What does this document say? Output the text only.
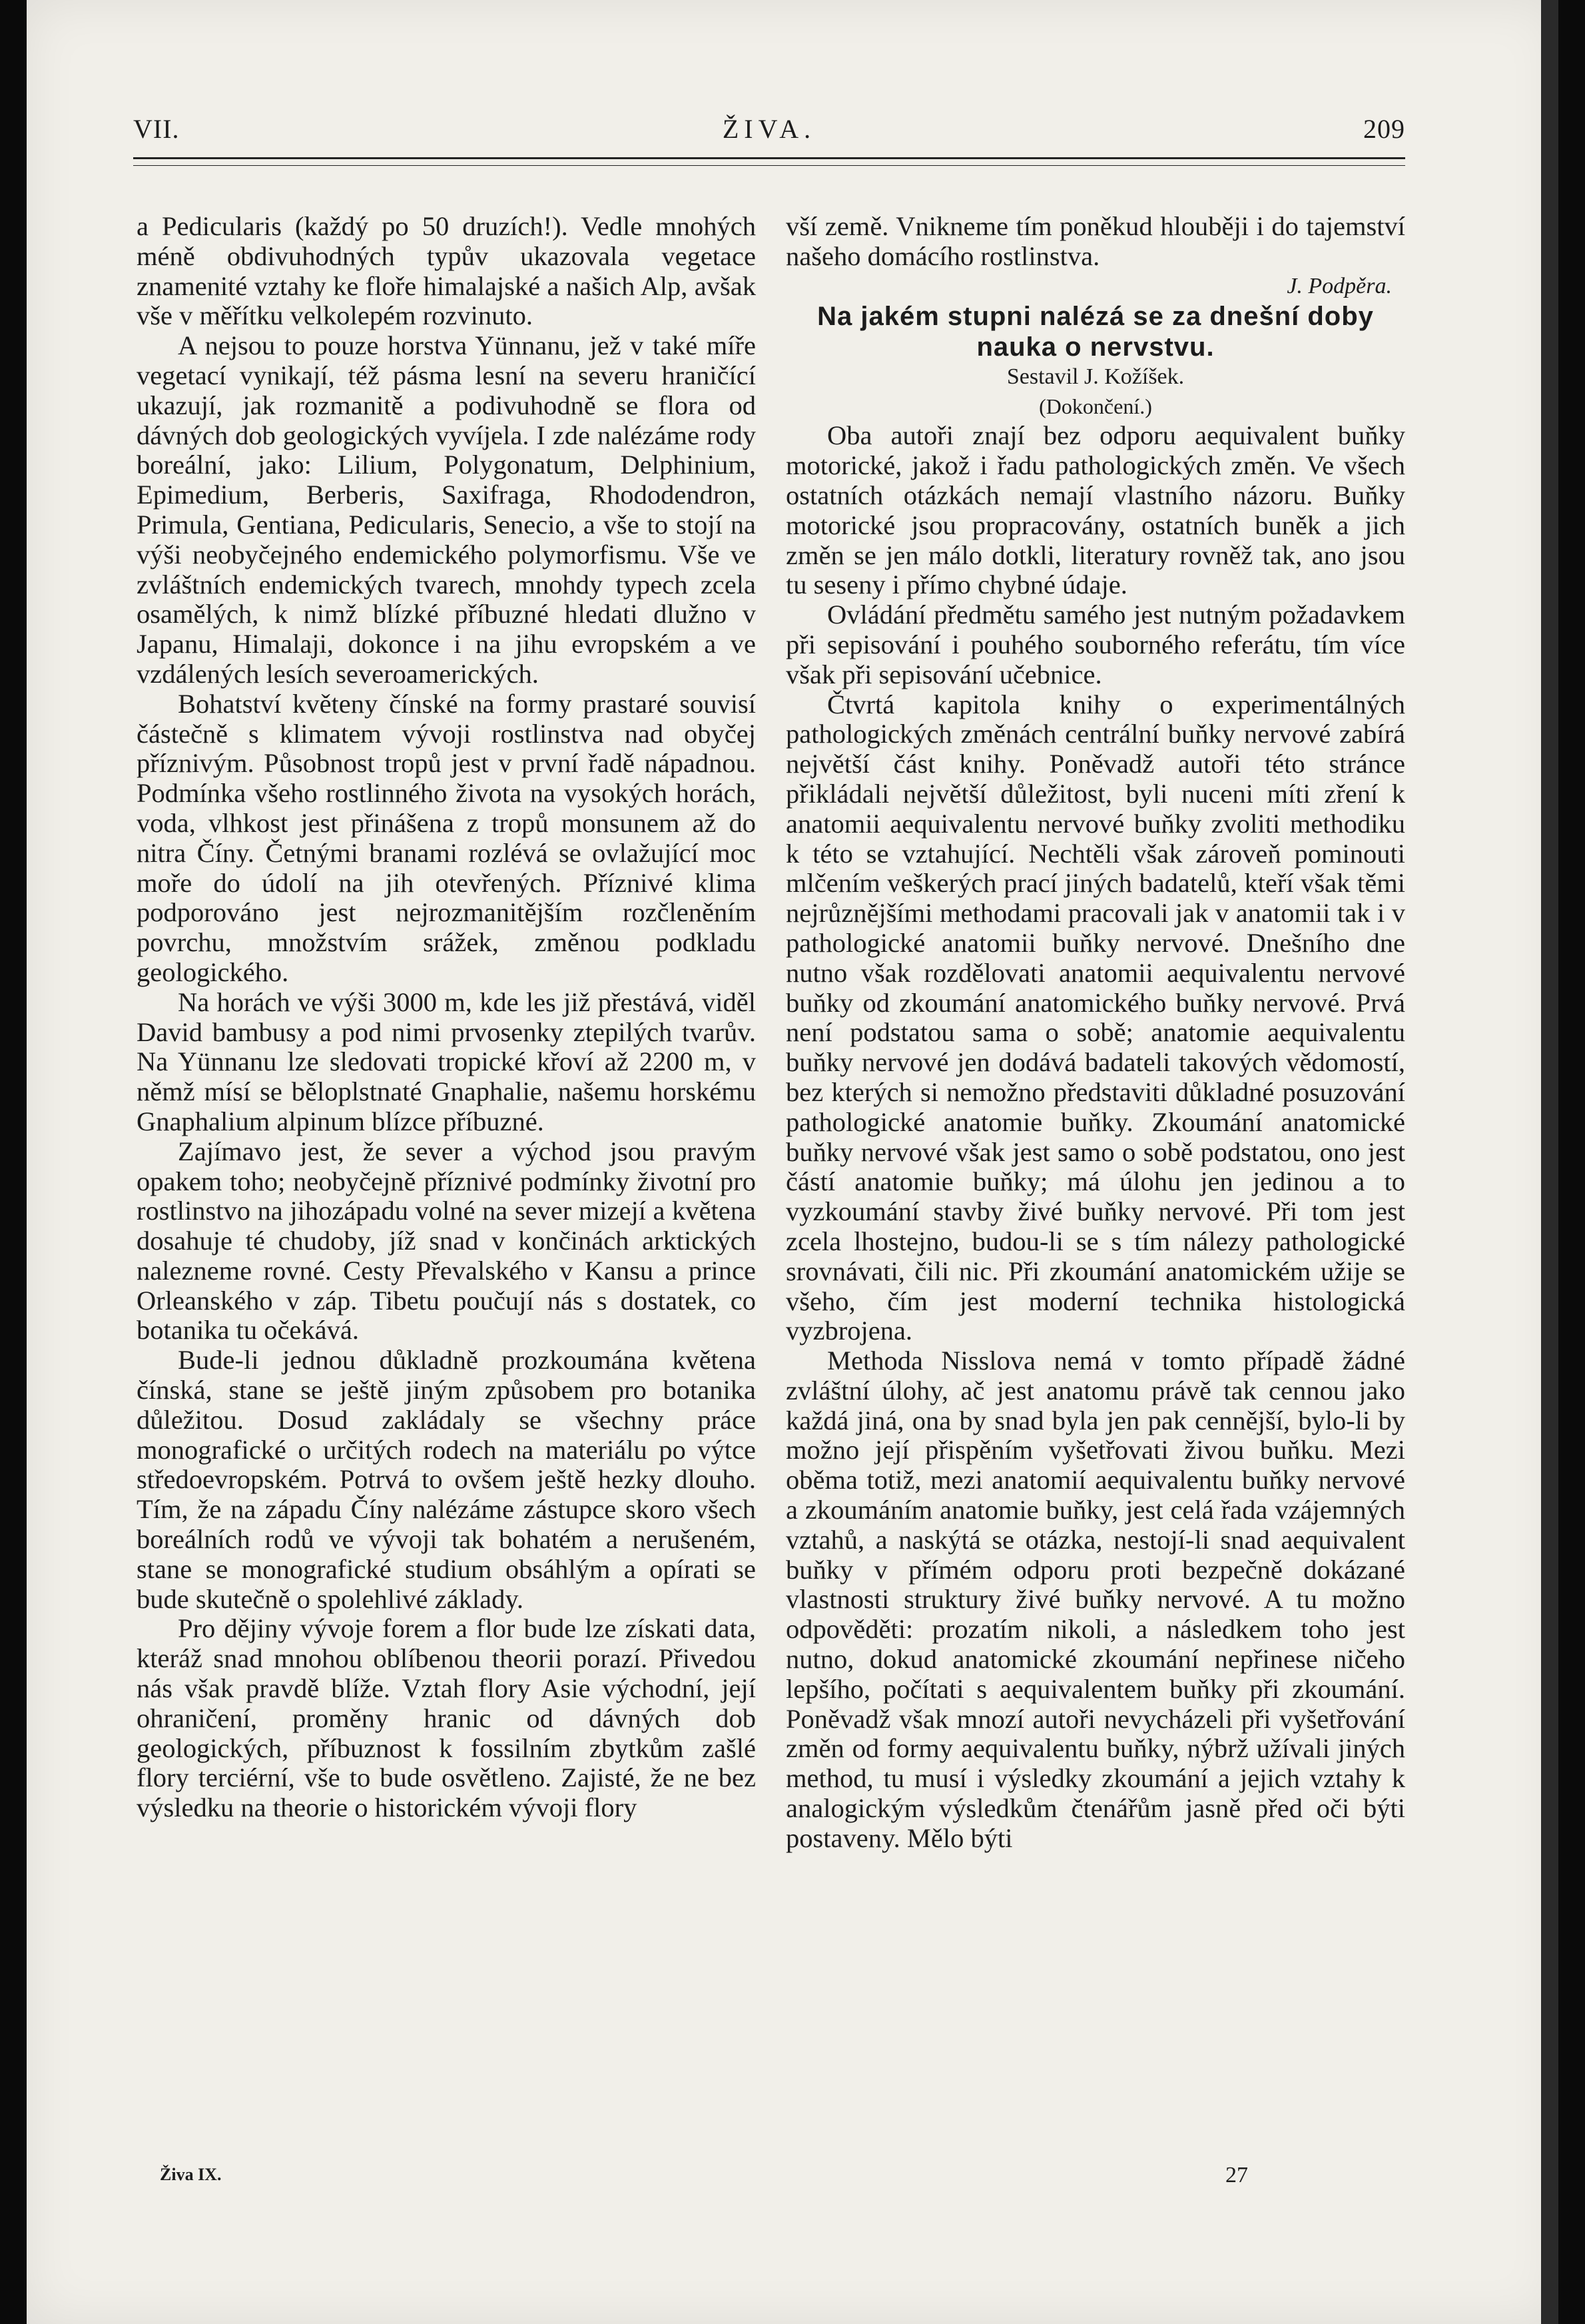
VII.	ŽIVA.	209

a Pedicularis (každý po 50 druzích!). Vedle mnohých méně obdivuhodných typův ukazovala vegetace znamenité vztahy ke floře himalajské a našich Alp, avšak vše v měřítku velkolepém rozvinuto.

A nejsou to pouze horstva Yünnanu, jež v také míře vegetací vynikají, též pásma lesní na severu hraničící ukazují, jak rozmanitě a podivuhodně se flora od dávných dob geologických vyvíjela. I zde nalézáme rody boreální, jako: Lilium, Polygonatum, Delphinium, Epimedium, Berberis, Saxifraga, Rhododendron, Primula, Gentiana, Pedicularis, Senecio, a vše to stojí na výši neobyčejného endemického polymorfismu. Vše ve zvláštních endemických tvarech, mnohdy typech zcela osamělých, k nimž blízké příbuzné hledati dlužno v Japanu, Himalaji, dokonce i na jihu evropském a ve vzdálených lesích severoamerických.

Bohatství květeny čínské na formy prastaré souvisí částečně s klimatem vývoji rostlinstva nad obyčej příznivým. Působnost tropů jest v první řadě nápadnou. Podmínka všeho rostlinného života na vysokých horách, voda, vlhkost jest přinášena z tropů monsunem až do nitra Číny. Četnými branami rozlévá se ovlažující moc moře do údolí na jih otevřených. Příznivé klima podporováno jest nejrozmanitějším rozčleněním povrchu, množstvím srážek, změnou podkladu geologického.

Na horách ve výši 3000 m, kde les již přestává, viděl David bambusy a pod nimi prvosenky ztepilých tvarův. Na Yünnanu lze sledovati tropické křoví až 2200 m, v němž mísí se běloplstnaté Gnaphalie, našemu horskému Gnaphalium alpinum blízce příbuzné.

Zajímavo jest, že sever a východ jsou pravým opakem toho; neobyčejně příznivé podmínky životní pro rostlinstvo na jihozápadu volné na sever mizejí a květena dosahuje té chudoby, jíž snad v končinách arktických nalezneme rovné. Cesty Převalského v Kansu a prince Orleanského v záp. Tibetu poučují nás s dostatek, co botanika tu očekává.

Bude-li jednou důkladně prozkoumána květena čínská, stane se ještě jiným způsobem pro botanika důležitou. Dosud zakládaly se všechny práce monografické o určitých rodech na materiálu po výtce středoevropském. Potrvá to ovšem ještě hezky dlouho. Tím, že na západu Číny nalézáme zástupce skoro všech boreálních rodů ve vývoji tak bohatém a nerušeném, stane se monografické studium obsáhlým a opírati se bude skutečně o spolehlivé základy.

Pro dějiny vývoje forem a flor bude lze získati data, kteráž snad mnohou oblíbenou theorii porazí. Přivedou nás však pravdě blíže. Vztah flory Asie východní, její ohraničení, proměny hranic od dávných dob geologických, příbuznost k fossilním zbytkům zašlé flory terciérní, vše to bude osvětleno. Zajisté, že ne bez výsledku na theorie o historickém vývoji flory

vší země. Vnikneme tím poněkud hlouběji i do tajemství našeho domácího rostlinstva.

J. Podpěra.

Na jakém stupni nalézá se za dnešní doby nauka o nervstvu.

Sestavil J. Kožíšek.

(Dokončení.)

Oba autoři znají bez odporu aequivalent buňky motorické, jakož i řadu pathologických změn. Ve všech ostatních otázkách nemají vlastního názoru. Buňky motorické jsou propracovány, ostatních buněk a jich změn se jen málo dotkli, literatury rovněž tak, ano jsou tu seseny i přímo chybné údaje.

Ovládání předmětu samého jest nutným požadavkem při sepisování i pouhého souborného referátu, tím více však při sepisování učebnice.

Čtvrtá kapitola knihy o experimentálných pathologických změnách centrální buňky nervové zabírá největší část knihy. Poněvadž autoři této stránce přikládali největší důležitost, byli nuceni míti zření k anatomii aequivalentu nervové buňky zvoliti methodiku k této se vztahující. Nechtěli však zároveň pominouti mlčením veškerých prací jiných badatelů, kteří však těmi nejrůznějšími methodami pracovali jak v anatomii tak i v pathologické anatomii buňky nervové. Dnešního dne nutno však rozdělovati anatomii aequivalentu nervové buňky od zkoumání anatomického buňky nervové. Prvá není podstatou sama o sobě; anatomie aequivalentu buňky nervové jen dodává badateli takových vědomostí, bez kterých si nemožno představiti důkladné posuzování pathologické anatomie buňky. Zkoumání anatomické buňky nervové však jest samo o sobě podstatou, ono jest částí anatomie buňky; má úlohu jen jedinou a to vyzkoumání stavby živé buňky nervové. Při tom jest zcela lhostejno, budou-li se s tím nálezy pathologické srovnávati, čili nic. Při zkoumání anatomickém užije se všeho, čím jest moderní technika histologická vyzbrojena.

Methoda Nisslova nemá v tomto případě žádné zvláštní úlohy, ač jest anatomu právě tak cennou jako každá jiná, ona by snad byla jen pak cennější, bylo-li by možno její přispěním vyšetřovati živou buňku. Mezi oběma totiž, mezi anatomií aequivalentu buňky nervové a zkoumáním anatomie buňky, jest celá řada vzájemných vztahů, a naskýtá se otázka, nestojí-li snad aequivalent buňky v přímém odporu proti bezpečně dokázané vlastnosti struktury živé buňky nervové. A tu možno odpověděti: prozatím nikoli, a následkem toho jest nutno, dokud anatomické zkoumání nepřinese ničeho lepšího, počítati s aequivalentem buňky při zkoumání. Poněvadž však mnozí autoři nevycházeli při vyšetřování změn od formy aequivalentu buňky, nýbrž užívali jiných method, tu musí i výsledky zkoumání a jejich vztahy k analogickým výsledkům čtenářům jasně před oči býti postaveny. Mělo býti

Živa IX.	27
